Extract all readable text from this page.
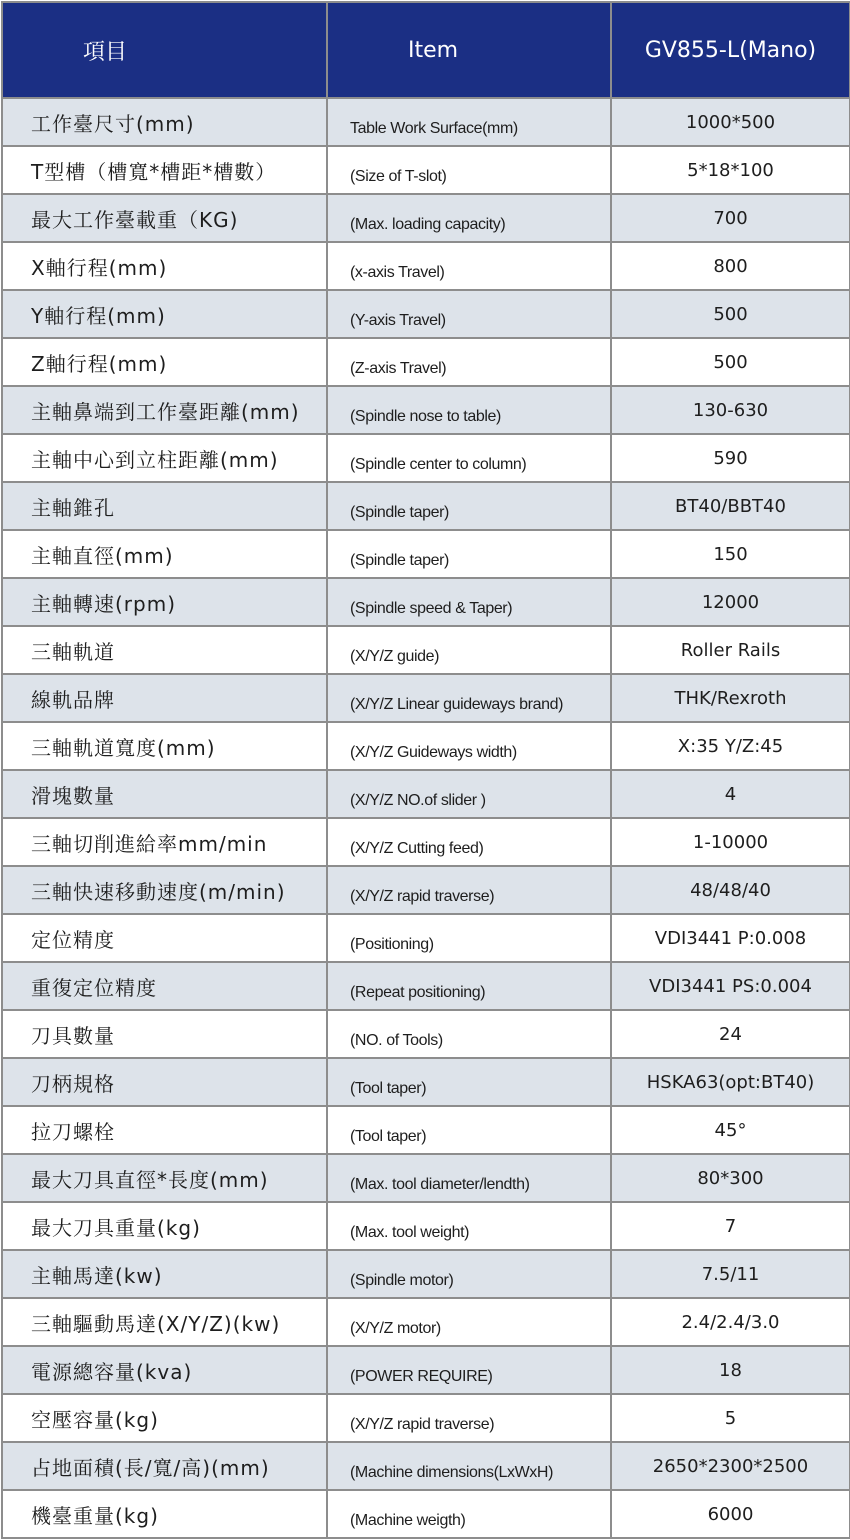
項目	Item	GV855-L(Mano)
工作臺尺寸(mm)	Table Work Surface(mm)	1000*500
T型槽（槽寬*槽距*槽數）	(Size of T-slot)	5*18*100
最大工作臺載重（KG)	(Max. loading capacity)	700
X軸行程(mm)	(x-axis Travel)	800
Y軸行程(mm)	(Y-axis Travel)	500
Z軸行程(mm)	(Z-axis Travel)	500
主軸鼻端到工作臺距離(mm)	(Spindle nose to table)	130-630
主軸中心到立柱距離(mm)	(Spindle center to column)	590
主軸錐孔	(Spindle taper)	BT40/BBT40
主軸直徑(mm)	(Spindle taper)	150
主軸轉速(rpm)	(Spindle speed & Taper)	12000
三軸軌道	(X/Y/Z guide)	Roller Rails
線軌品牌	(X/Y/Z Linear guideways brand)	THK/Rexroth
三軸軌道寬度(mm)	(X/Y/Z Guideways width)	X:35 Y/Z:45
滑塊數量	(X/Y/Z NO.of slider )	4
三軸切削進給率mm/min	(X/Y/Z Cutting feed)	1-10000
三軸快速移動速度(m/min)	(X/Y/Z rapid traverse)	48/48/40
定位精度	(Positioning)	VDI3441 P:0.008
重復定位精度	(Repeat positioning)	VDI3441 PS:0.004
刀具數量	(NO. of Tools)	24
刀柄規格	(Tool taper)	HSKA63(opt:BT40)
拉刀螺栓	(Tool taper)	45°
最大刀具直徑*長度(mm)	(Max. tool diameter/lendth)	80*300
最大刀具重量(kg)	(Max. tool weight)	7
主軸馬達(kw)	(Spindle motor)	7.5/11
三軸驅動馬達(X/Y/Z)(kw)	(X/Y/Z motor)	2.4/2.4/3.0
電源總容量(kva)	(POWER REQUIRE)	18
空壓容量(kg)	(X/Y/Z rapid traverse)	5
占地面積(長/寬/高)(mm)	(Machine dimensions(LxWxH)	2650*2300*2500
機臺重量(kg)	(Machine weigth)	6000
